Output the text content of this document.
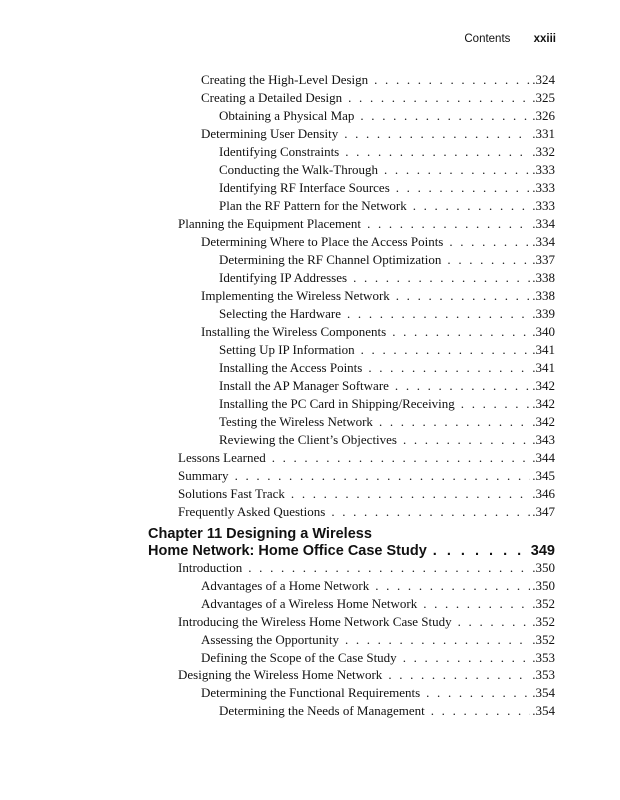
Contents xxiii
Creating the High-Level Design . . .	.324
Creating a Detailed Design . . .	.325
Obtaining a Physical Map . . .	.326
Determining User Density . . .	.331
Identifying Constraints . . .	.332
Conducting the Walk-Through . . .	.333
Identifying RF Interface Sources . . .	.333
Plan the RF Pattern for the Network . . .	.333
Planning the Equipment Placement . . .	.334
Determining Where to Place the Access Points . . .	.334
Determining the RF Channel Optimization . . .	.337
Identifying IP Addresses . . .	.338
Implementing the Wireless Network . . .	.338
Selecting the Hardware . . .	.339
Installing the Wireless Components . . .	.340
Setting Up IP Information . . .	.341
Installing the Access Points . . .	.341
Install the AP Manager Software . . .	.342
Installing the PC Card in Shipping/Receiving . . .	.342
Testing the Wireless Network . . .	.342
Reviewing the Client’s Objectives . . .	.343
Lessons Learned . . .	.344
Summary . . .	.345
Solutions Fast Track . . .	.346
Frequently Asked Questions . . .	.347
Chapter 11 Designing a Wireless
Home Network: Home Office Case Study . . .	349
Introduction . . .	.350
Advantages of a Home Network . . .	.350
Advantages of a Wireless Home Network . . .	.352
Introducing the Wireless Home Network Case Study . . .	.352
Assessing the Opportunity . . .	.352
Defining the Scope of the Case Study . . .	.353
Designing the Wireless Home Network . . .	.353
Determining the Functional Requirements . . .	.354
Determining the Needs of Management . . .	.354
